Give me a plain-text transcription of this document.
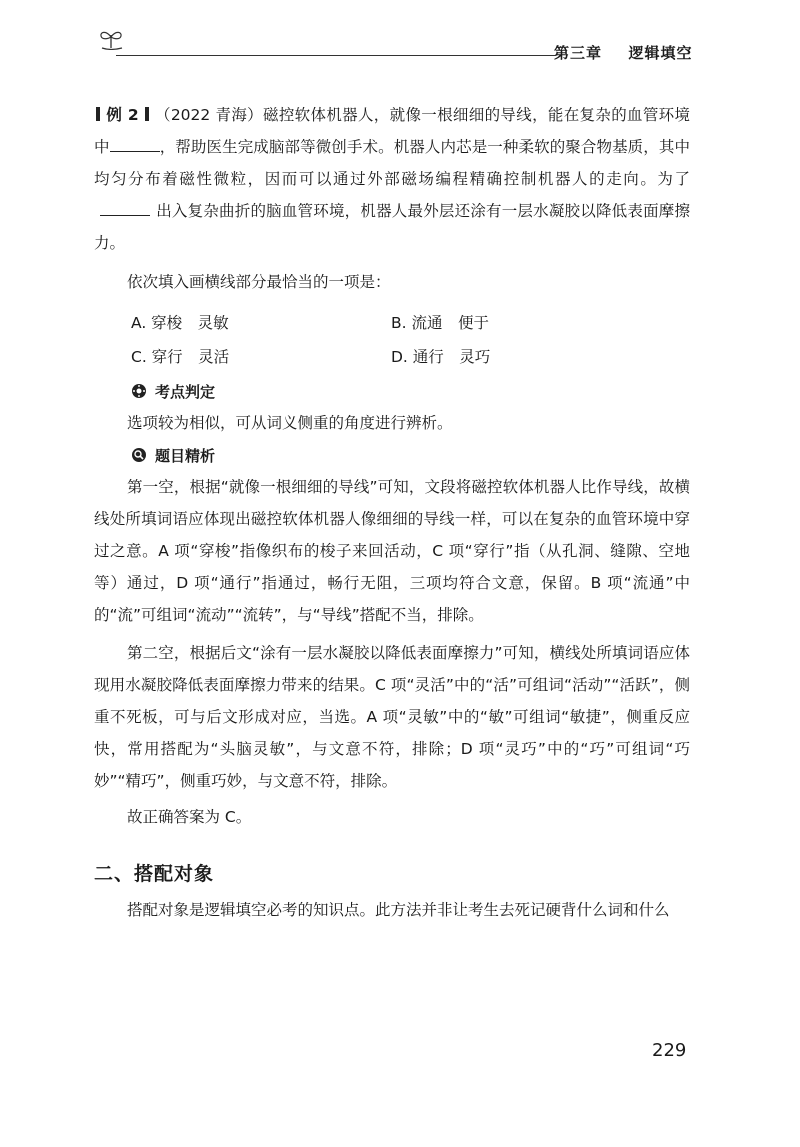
第三章 逻辑填空

例 2 （2022 青海）磁控软体机器人，就像一根细细的导线，能在复杂的血管环境中	，帮助医生完成脑部等微创手术。机器人内芯是一种柔软的聚合物基质，其中均匀分布着磁性微粒，因而可以通过外部磁场编程精确控制机器人的走向。为了出入复杂曲折的脑血管环境，机器人最外层还涂有一层水凝胶以降低表面摩擦力。

依次填入画横线部分最恰当的一项是：
A. 穿梭　灵敏	B. 流通　便于
C. 穿行　灵活	D. 通行　灵巧
考点判定

选项较为相似，可从词义侧重的角度进行辨析。

题目精析

第一空，根据“就像一根细细的导线”可知，文段将磁控软体机器人比作导线，故横线处所填词语应体现出磁控软体机器人像细细的导线一样，可以在复杂的血管环境中穿过之意。A 项“穿梭”指像织布的梭子来回活动，C 项“穿行”指（从孔洞、缝隙、空地等）通过，D 项“通行”指通过，畅行无阻，三项均符合文意，保留。B 项“流通”中的“流”可组词“流动”“流转”，与“导线”搭配不当，排除。

第二空，根据后文“涂有一层水凝胶以降低表面摩擦力”可知，横线处所填词语应体现用水凝胶降低表面摩擦力带来的结果。C 项“灵活”中的“活”可组词“活动”“活跃”，侧重不死板，可与后文形成对应，当选。A 项“灵敏”中的“敏”可组词“敏捷”，侧重反应快，常用搭配为“头脑灵敏”，与文意不符，排除；D 项“灵巧”中的“巧”可组词“巧妙”“精巧”，侧重巧妙，与文意不符，排除。

故正确答案为 C。

二、搭配对象

搭配对象是逻辑填空必考的知识点。此方法并非让考生去死记硬背什么词和什么

229
